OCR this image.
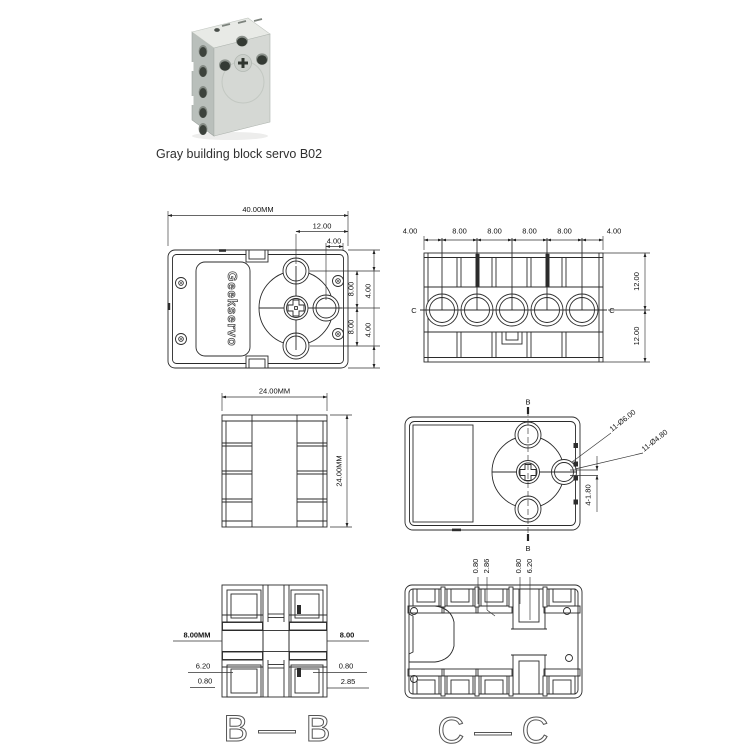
Gray building block servo B02
Geekservo
40.00MM
12.00
4.00
8.00
8.00
4.00
4.00
4.00	8.00	8.00	8.00	8.00	4.00
12.00
12.00
C	C
24.00MM
24.00MM
B
B
11-Ø6.00
11-Ø4.80
4-1.80
8.00MM	8.00
6.20
0.80
0.80
2.85
B — B
0.80 2.86	0.80 6.20
C — C
